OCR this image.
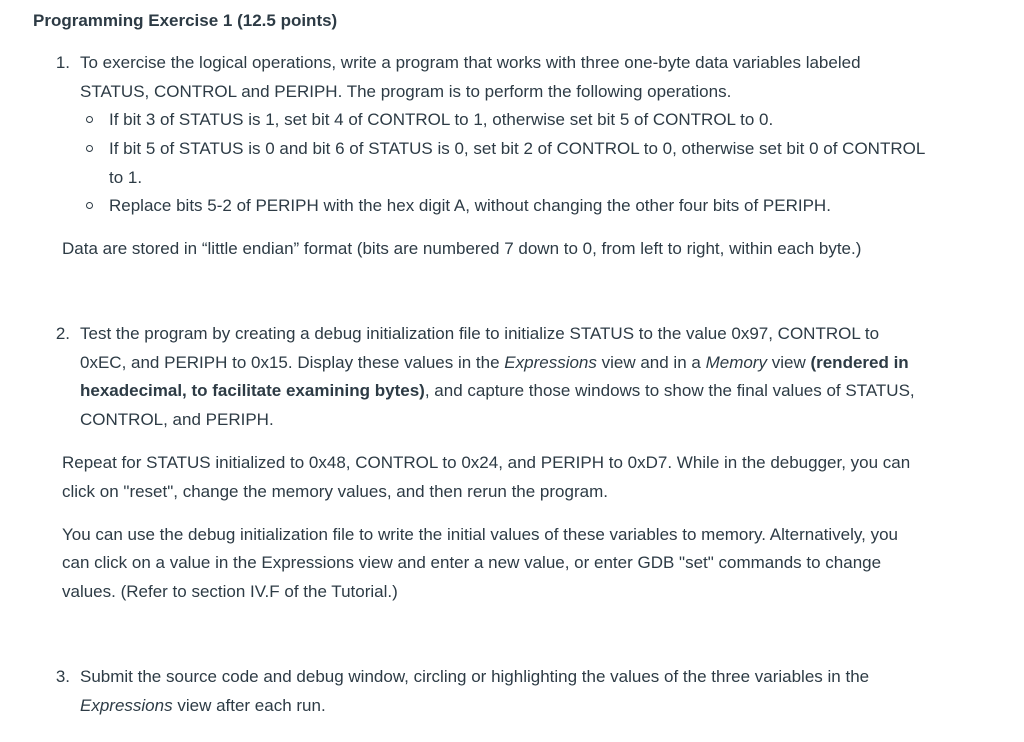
Programming Exercise 1 (12.5 points)
1. To exercise the logical operations, write a program that works with three one-byte data variables labeled
STATUS, CONTROL and PERIPH. The program is to perform the following operations.
If bit 3 of STATUS is 1, set bit 4 of CONTROL to 1, otherwise set bit 5 of CONTROL to 0.
If bit 5 of STATUS is 0 and bit 6 of STATUS is 0, set bit 2 of CONTROL to 0, otherwise set bit 0 of CONTROL
to 1.
Replace bits 5-2 of PERIPH with the hex digit A, without changing the other four bits of PERIPH.
Data are stored in “little endian” format (bits are numbered 7 down to 0, from left to right, within each byte.)
2. Test the program by creating a debug initialization file to initialize STATUS to the value 0x97, CONTROL to
0xEC, and PERIPH to 0x15. Display these values in the Expressions view and in a Memory view (rendered in
hexadecimal, to facilitate examining bytes), and capture those windows to show the final values of STATUS,
CONTROL, and PERIPH.
Repeat for STATUS initialized to 0x48, CONTROL to 0x24, and PERIPH to 0xD7. While in the debugger, you can
click on "reset", change the memory values, and then rerun the program.
You can use the debug initialization file to write the initial values of these variables to memory. Alternatively, you
can click on a value in the Expressions view and enter a new value, or enter GDB "set" commands to change
values. (Refer to section IV.F of the Tutorial.)
3. Submit the source code and debug window, circling or highlighting the values of the three variables in the
Expressions view after each run.
